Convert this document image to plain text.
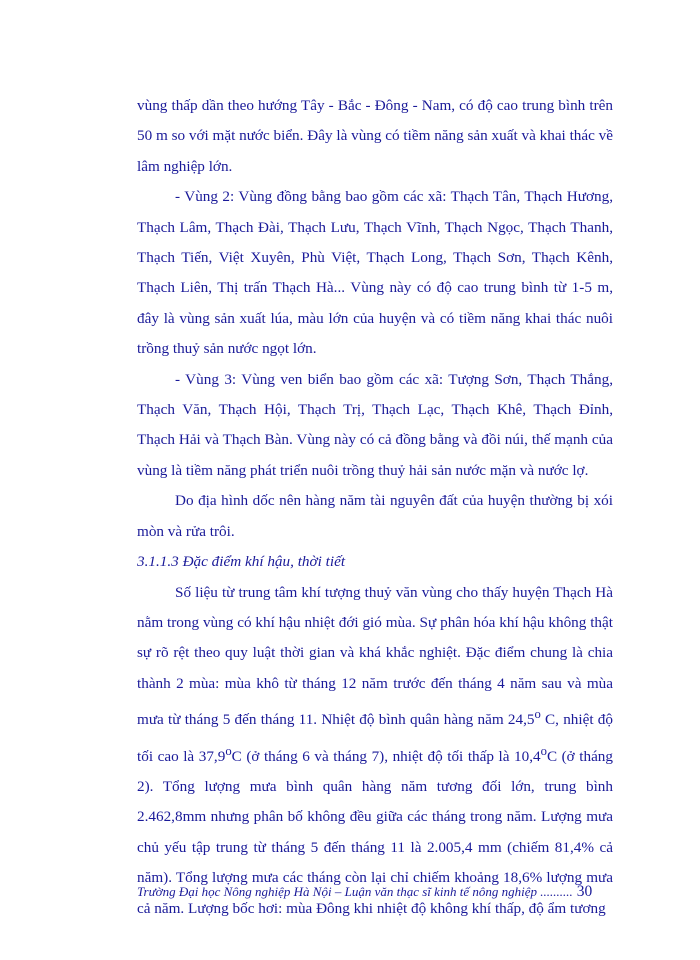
vùng thấp dần theo hướng Tây - Bắc - Đông - Nam, có độ cao trung bình trên 50 m so với mặt nước biển. Đây là vùng có tiềm năng sản xuất và khai thác về lâm nghiệp lớn.

- Vùng 2: Vùng đồng bằng bao gồm các xã: Thạch Tân, Thạch Hương, Thạch Lâm, Thạch Đài, Thạch Lưu, Thạch Vĩnh, Thạch Ngọc, Thạch Thanh, Thạch Tiến, Việt Xuyên, Phù Việt, Thạch Long, Thạch Sơn, Thạch Kênh, Thạch Liên, Thị trấn Thạch Hà... Vùng này có độ cao trung bình từ 1-5 m, đây là vùng sản xuất lúa, màu lớn của huyện và có tiềm năng khai thác nuôi trồng thuỷ sản nước ngọt lớn.

- Vùng 3: Vùng ven biển bao gồm các xã: Tượng Sơn, Thạch Thắng, Thạch Văn, Thạch Hội, Thạch Trị, Thạch Lạc, Thạch Khê, Thạch Đỉnh, Thạch Hải và Thạch Bàn. Vùng này có cả đồng bằng và đồi núi, thế mạnh của vùng là tiềm năng phát triển nuôi trồng thuỷ hải sản nước mặn và nước lợ.

Do địa hình dốc nên hàng năm tài nguyên đất của huyện thường bị xói mòn và rửa trôi.

3.1.1.3 Đặc điểm khí hậu, thời tiết

Số liệu từ trung tâm khí tượng thuỷ văn vùng cho thấy huyện Thạch Hà nằm trong vùng có khí hậu nhiệt đới gió mùa. Sự phân hóa khí hậu không thật sự rõ rệt theo quy luật thời gian và khá khắc nghiệt. Đặc điểm chung là chia thành 2 mùa: mùa khô từ tháng 12 năm trước đến tháng 4 năm sau và mùa mưa từ tháng 5 đến tháng 11. Nhiệt độ bình quân hàng năm 24,5$^o$ C, nhiệt độ tối cao là 37,9$^o$C (ở tháng 6 và tháng 7), nhiệt độ tối thấp là 10,4$^o$C (ở tháng 2). Tổng lượng mưa bình quân hàng năm tương đối lớn, trung bình 2.462,8mm nhưng phân bố không đều giữa các tháng trong năm. Lượng mưa chủ yếu tập trung từ tháng 5 đến tháng 11 là 2.005,4 mm (chiếm 81,4% cả năm). Tổng lượng mưa các tháng còn lại chỉ chiếm khoảng 18,6% lượng mưa cả năm. Lượng bốc hơi: mùa Đông khi nhiệt độ không khí thấp, độ ẩm tương

Trường Đại học Nông nghiệp Hà Nội – Luận văn thạc sĩ kinh tế nông nghiệp .......... 30
